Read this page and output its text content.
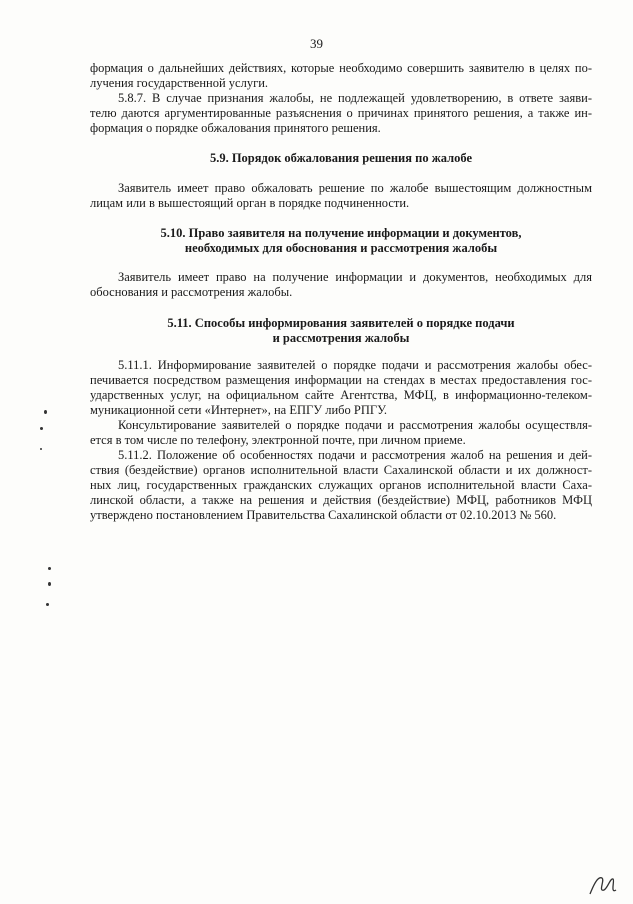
39
формация о дальнейших действиях, которые необходимо совершить заявителю в целях по-
лучения государственной услуги.
5.8.7. В случае признания жалобы, не подлежащей удовлетворению, в ответе заяви-
телю даются аргументированные разъяснения о причинах принятого решения, а также ин-
формация о порядке обжалования принятого решения.
5.9. Порядок обжалования решения по жалобе
Заявитель имеет право обжаловать решение по жалобе вышестоящим должностным
лицам или в вышестоящий орган в порядке подчиненности.
5.10. Право заявителя на получение информации и документов,
необходимых для обоснования и рассмотрения жалобы
Заявитель имеет право на получение информации и документов, необходимых для
обоснования и рассмотрения жалобы.
5.11. Способы информирования заявителей о порядке подачи
и рассмотрения жалобы
5.11.1. Информирование заявителей о порядке подачи и рассмотрения жалобы обес-
печивается посредством размещения информации на стендах в местах предоставления гос-
ударственных услуг, на официальном сайте Агентства, МФЦ, в информационно-телеком-
муникационной сети «Интернет», на ЕПГУ либо РПГУ.
Консультирование заявителей о порядке подачи и рассмотрения жалобы осуществля-
ется в том числе по телефону, электронной почте, при личном приеме.
5.11.2. Положение об особенностях подачи и рассмотрения жалоб на решения и дей-
ствия (бездействие) органов исполнительной власти Сахалинской области и их должност-
ных лиц, государственных гражданских служащих органов исполнительной власти Саха-
линской области, а также на решения и действия (бездействие) МФЦ, работников МФЦ
утверждено постановлением Правительства Сахалинской области от 02.10.2013 № 560.
